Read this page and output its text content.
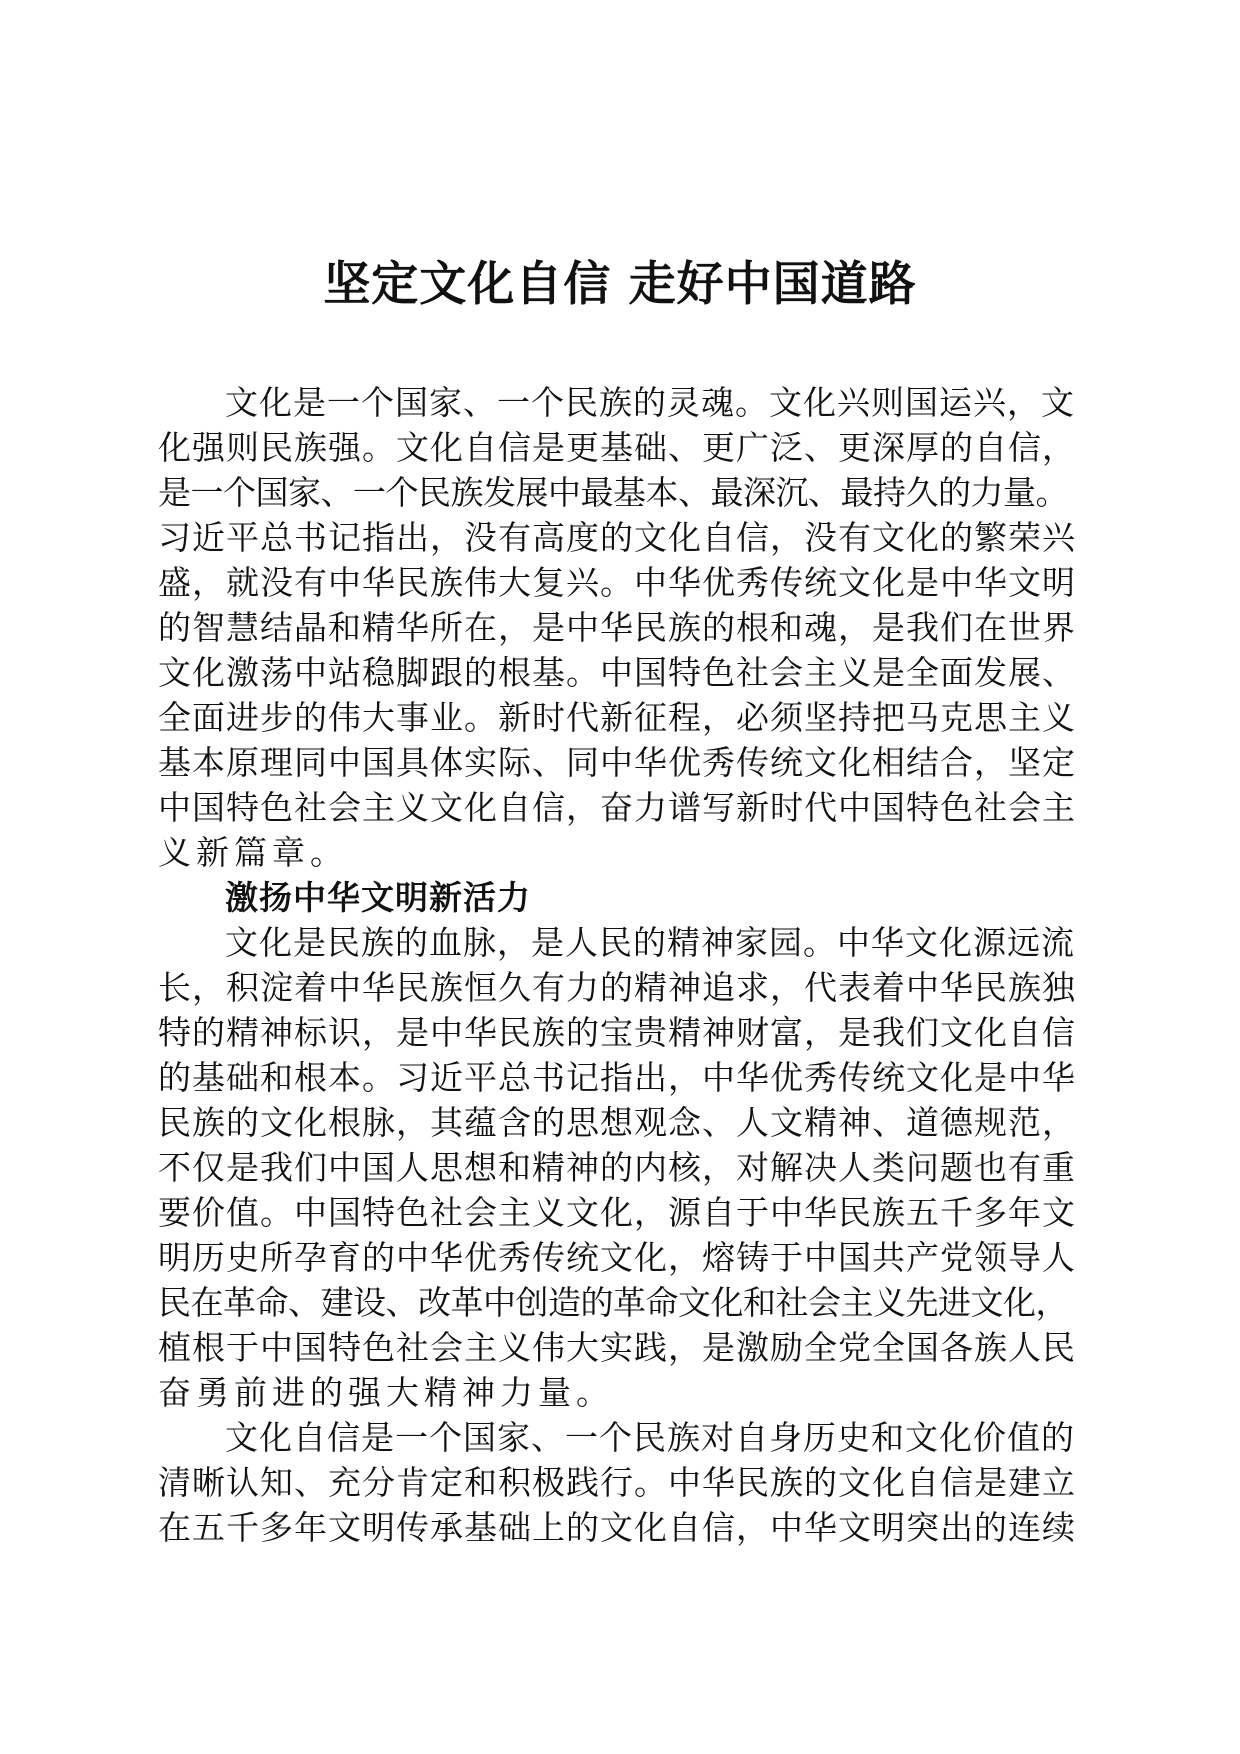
坚定文化自信 走好中国道路
文化是一个国家、一个民族的灵魂。文化兴则国运兴，文
化强则民族强。文化自信是更基础、更广泛、更深厚的自信，
是一个国家、一个民族发展中最基本、最深沉、最持久的力量。
习近平总书记指出，没有高度的文化自信，没有文化的繁荣兴
盛，就没有中华民族伟大复兴。中华优秀传统文化是中华文明
的智慧结晶和精华所在，是中华民族的根和魂，是我们在世界
文化激荡中站稳脚跟的根基。中国特色社会主义是全面发展、
全面进步的伟大事业。新时代新征程，必须坚持把马克思主义
基本原理同中国具体实际、同中华优秀传统文化相结合，坚定
中国特色社会主义文化自信，奋力谱写新时代中国特色社会主
义新篇章。
激扬中华文明新活力
文化是民族的血脉，是人民的精神家园。中华文化源远流
长，积淀着中华民族恒久有力的精神追求，代表着中华民族独
特的精神标识，是中华民族的宝贵精神财富，是我们文化自信
的基础和根本。习近平总书记指出，中华优秀传统文化是中华
民族的文化根脉，其蕴含的思想观念、人文精神、道德规范，
不仅是我们中国人思想和精神的内核，对解决人类问题也有重
要价值。中国特色社会主义文化，源自于中华民族五千多年文
明历史所孕育的中华优秀传统文化，熔铸于中国共产党领导人
民在革命、建设、改革中创造的革命文化和社会主义先进文化，
植根于中国特色社会主义伟大实践，是激励全党全国各族人民
奋勇前进的强大精神力量。
文化自信是一个国家、一个民族对自身历史和文化价值的
清晰认知、充分肯定和积极践行。中华民族的文化自信是建立
在五千多年文明传承基础上的文化自信，中华文明突出的连续
